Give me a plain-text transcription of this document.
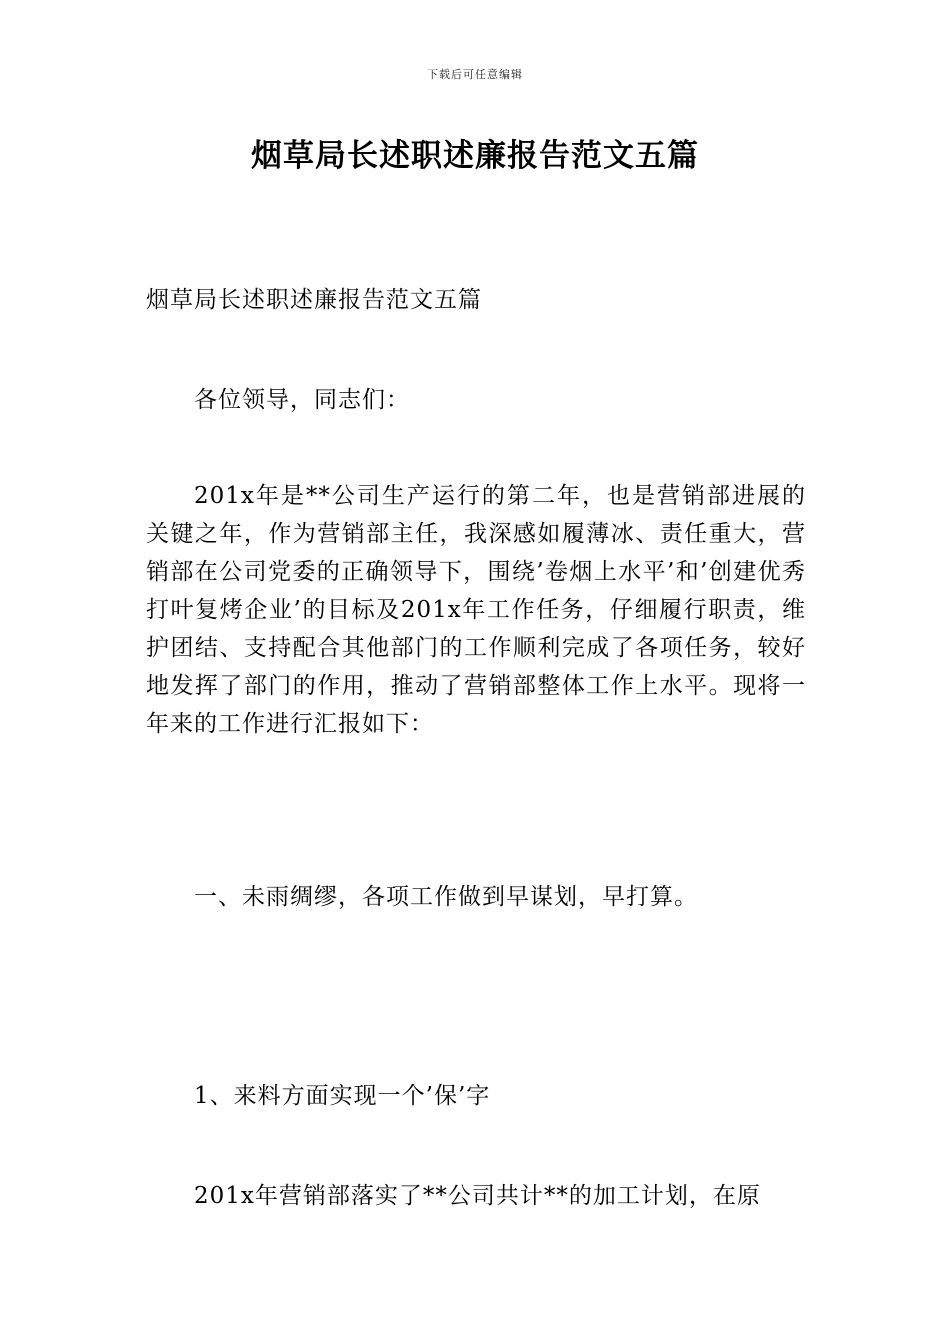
下载后可任意编辑
烟草局长述职述廉报告范文五篇

烟草局长述职述廉报告范文五篇

各位领导，同志们：

201x年是**公司生产运行的第二年，也是营销部进展的关键之年，作为营销部主任，我深感如履薄冰、责任重大，营销部在公司党委的正确领导下，围绕’卷烟上水平’和’创建优秀打叶复烤企业’的目标及201x年工作任务，仔细履行职责，维护团结、支持配合其他部门的工作顺利完成了各项任务，较好地发挥了部门的作用，推动了营销部整体工作上水平。现将一年来的工作进行汇报如下：

一、未雨绸缪，各项工作做到早谋划，早打算。

1、来料方面实现一个’保’字

201x年营销部落实了**公司共计**的加工计划，在原
